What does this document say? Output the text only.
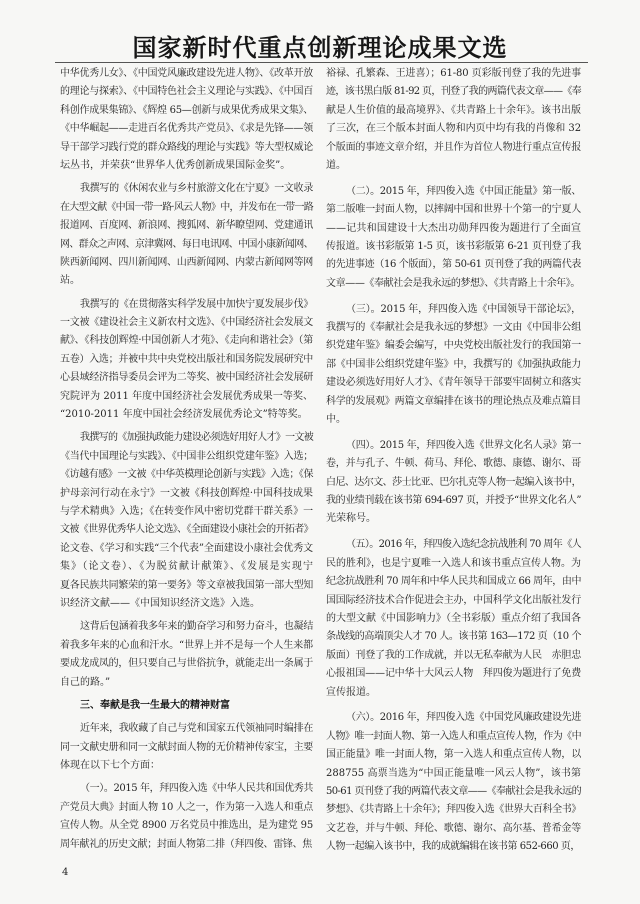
国家新时代重点创新理论成果文选
中华优秀儿女》、《中国党风廉政建设先进人物》、《改革开放
的理论与探索》、《中国特色社会主义理论与实践》、《中国百
科创作成果集锦》、《辉煌 65—创新与成果优秀成果文集》、
《中华崛起——走进百名优秀共产党员》、《求是先锋——领
导干部学习践行党的群众路线的理论与实践》等大型权威论
坛丛书，并荣获“世界华人优秀创新成果国际金奖”。
我撰写的《休闲农业与乡村旅游文化在宁夏》一文收录
在大型文献《中国一带一路·风云人物》中，并发布在一带一路
报道网、百度网、新浪网、搜狐网、新华瞭望网、党建通讯
网、群众之声网、京津冀网、每日电讯网、中国小康新闻网、
陕西新闻网、四川新闻网、山西新闻网、内蒙古新闻网等网
站。
我撰写的《在贯彻落实科学发展中加快宁夏发展步伐》
一文被《建设社会主义新农村文选》、《中国经济社会发展文
献》、《科技创辉煌·中国创新人才苑》、《走向和谐社会》（第
五卷）入选；并被中共中央党校出版社和国务院发展研究中
心县域经济指导委员会评为二等奖、被中国经济社会发展研
究院评为 2011 年度中国经济社会发展优秀成果一等奖、
“2010-2011 年度中国社会经济发展优秀论文”特等奖。
我撰写的《加强执政能力建设必须选好用好人才》一文被
《当代中国理论与实践》、《中国非公组织党建年鉴》入选；
《访越有感》一文被《中华英模理论创新与实践》入选；《保
护母亲河行动在永宁》一文被《科技创辉煌·中国科技成果
与学术精典》入选；《在转变作风中密切党群干群关系》一
文被《世界优秀华人论文选》、《全面建设小康社会的开拓者》
论文卷、《学习和实践“三个代表”全面建设小康社会优秀文
集》（论文卷）、《为脱贫献计献策》、《发展是实现宁
夏各民族共同繁荣的第一要务》等文章被我国第一部大型知
识经济文献——《中国知识经济文选》入选。
这背后包涵着我多年来的勤奋学习和努力奋斗，也凝结
着我多年来的心血和汗水。“世界上并不是每一个人生来都
要成龙成凤的，但只要自己与世俗抗争，就能走出一条属于
自己的路。”
三、奉献是我一生最大的精神财富
近年来，我收藏了自己与党和国家五代领袖同时编排在
同一文献史册和同一文献封面人物的无价精神传家宝，主要
体现在以下七个方面：
（一）。2015 年，拜四俊入选《中华人民共和国优秀共
产党员大典》封面人物 10 人之一，作为第一入选人和重点
宣传人物。从全党 8900 万名党员中推选出，是为建党 95
周年献礼的历史文献；封面人物第二排（拜四俊、雷锋、焦
裕禄、孔繁森、王进喜）；61-80 页彩版刊登了我的先进事
迹，该书黑白版 81-92 页，刊登了我的两篇代表文章——《奉
献是人生价值的最高境界》、《共青路上十余年》。该书出版
了三次，在三个版本封面人物和内页中均有我的肖像和 32
个版面的事迹文章介绍，并且作为首位人物进行重点宣传报
道。
（二）。2015 年，拜四俊入选《中国正能量》第一版、
第二版唯一封面人物，以摔阔中国和世界十个第一的宁夏人
——记共和国建设十大杰出功勋拜四俊为题进行了全面宣
传报道。该书彩版第 1-5 页，该书彩版第 6-21 页刊登了我
的先进事迹（16 个版面），第 50-61 页刊登了我的两篇代表
文章——《奉献社会是我永远的梦想》、《共青路上十余年》。
（三）。2015 年，拜四俊入选《中国领导干部论坛》，
我撰写的《奉献社会是我永远的梦想》一文由《中国非公组
织党建年鉴》编委会编写，中央党校出版社发行的我国第一
部《中国非公组织党建年鉴》中，我撰写的《加强执政能力
建设必须选好用好人才》、《青年领导干部要牢固树立和落实
科学的发展观》两篇文章编排在该书的理论热点及难点篇目
中。
（四）。2015 年，拜四俊入选《世界文化名人录》第一
卷，并与孔子、牛顿、荷马、拜伦、歌德、康德、谢尔、哥
白尼、达尔文、莎士比亚、巴尔扎克等人物一起编入该书中，
我的业绩刊载在该书第 694-697 页，并授予“世界文化名人”
光荣称号。
（五）。2016 年，拜四俊入选纪念抗战胜利 70 周年《人
民的胜利》，也是宁夏唯一入选人和该书重点宣传人物。为
纪念抗战胜利 70 周年和中华人民共和国成立 66 周年，由中
国国际经济技术合作促进会主办，中国科学文化出版社发行
的大型文献《中国影响力》（全书彩版）重点介绍了我国各
条战线的高端顶尖人才 70 人。该书第 163—172 页（10 个
版面）刊登了我的工作成就，并以无私奉献为人民　赤胆忠
心报祖国——记中华十大风云人物　拜四俊为题进行了免费
宣传报道。
（六）。2016 年，拜四俊入选《中国党风廉政建设先进
人物》唯一封面人物、第一入选人和重点宣传人物，作为《中
国正能量》唯一封面人物，第一入选人和重点宣传人物，以
288755 高票当选为“中国正能量唯一风云人物”，该书第
50-61 页刊登了我的两篇代表文章——《奉献社会是我永远的
梦想》、《共青路上十余年》；拜四俊入选《世界大百科全书》
文艺卷，并与牛顿、拜伦、歌德、谢尔、高尔基、普希金等
人物一起编入该书中，我的成就编辑在该书第 652-660 页，
4
